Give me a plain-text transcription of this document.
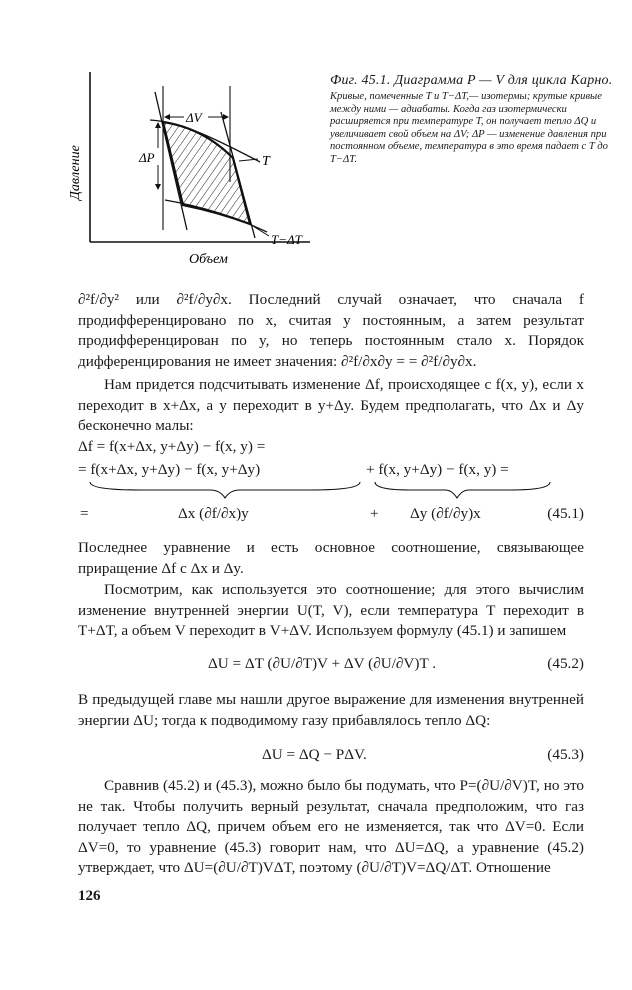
ΔV
ΔP	T
T−ΔT
Давление
Объем

Фиг. 45.1. Диаграмма P — V для цикла Карно.

Кривые, помеченные T и T−ΔT,— изотермы; крутые кривые между ними — адиабаты. Когда газ изотермически расширяется при температуре T, он получает тепло ΔQ и увеличивает свой объем на ΔV; ΔP — изменение давления при постоянном объеме, температура в это время падает с T до T−ΔT.

∂²f/∂y² или ∂²f/∂y∂x. Последний случай означает, что сначала f продифференцировано по x, считая y постоянным, а затем результат продифференцирован по y, но теперь постоянным стало x. Порядок дифференцирования не имеет значения: ∂²f/∂x∂y = = ∂²f/∂y∂x.

Нам придется подсчитывать изменение Δf, происходящее с f(x, y), если x переходит в x+Δx, а y переходит в y+Δy. Будем предполагать, что Δx и Δy бесконечно малы:

Δf = f(x+Δx, y+Δy) − f(x, y) =
= f(x+Δx, y+Δy) − f(x, y+Δy)	+ f(x, y+Δy) − f(x, y) =
=	Δx (∂f/∂x)y	+ Δy (∂f/∂y)x	(45.1)

Последнее уравнение и есть основное соотношение, связывающее приращение Δf с Δx и Δy.

Посмотрим, как используется это соотношение; для этого вычислим изменение внутренней энергии U(T, V), если температура T переходит в T+ΔT, а объем V переходит в V+ΔV. Используем формулу (45.1) и запишем

ΔU = ΔT (∂U/∂T)V + ΔV (∂U/∂V)T .	(45.2)

В предыдущей главе мы нашли другое выражение для изменения внутренней энергии ΔU; тогда к подводимому газу прибавлялось тепло ΔQ:

ΔU = ΔQ − PΔV.	(45.3)

Сравнив (45.2) и (45.3), можно было бы подумать, что P=(∂U/∂V)T, но это не так. Чтобы получить верный результат, сначала предположим, что газ получает тепло ΔQ, причем объем его не изменяется, так что ΔV=0. Если ΔV=0, то уравнение (45.3) говорит нам, что ΔU=ΔQ, а уравнение (45.2) утверждает, что ΔU=(∂U/∂T)VΔT, поэтому (∂U/∂T)V=ΔQ/ΔT. Отношение

126
